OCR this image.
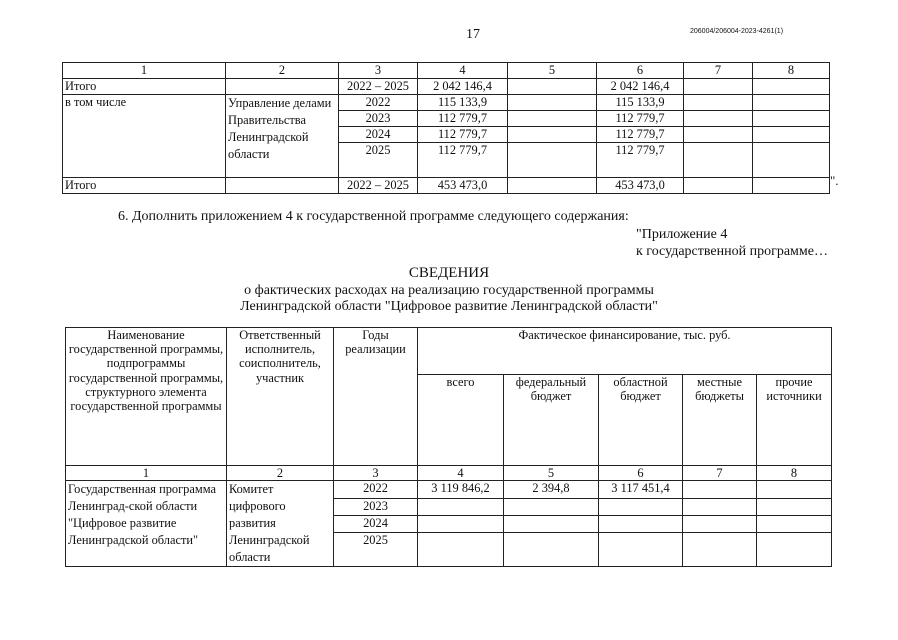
17	206004/206004-2023-4261(1)
1	2	3	4	5	6	7	8
Итого		2022 – 2025	2 042 146,4		2 042 146,4		
в том числе	Управление делами Правительства Ленинградской области	2022	115 133,9		115 133,9		
		2023	112 779,7		112 779,7		
		2024	112 779,7		112 779,7		
		2025	112 779,7		112 779,7		
Итого		2022 – 2025	453 473,0		453 473,0			".
6. Дополнить приложением 4 к государственной программе следующего содержания:
"Приложение 4
к государственной программе…
СВЕДЕНИЯ
о фактических расходах на реализацию государственной программы
Ленинградской области "Цифровое развитие Ленинградской области"
Наименование государственной программы, подпрограммы государственной программы, структурного элемента государственной программы	Ответственный исполнитель, соисполнитель, участник	Годы реализации	Фактическое финансирование, тыс. руб.				
			всего	федеральный бюджет	областной бюджет	местные бюджеты	прочие источники
1	2	3	4	5	6	7	8
Государственная программа Ленинград-ской области "Цифровое развитие Ленинградской области"	Комитет цифрового развития Ленинградской области	2022	3 119 846,2	2 394,8	3 117 451,4		
		2023					
		2024					
		2025					
